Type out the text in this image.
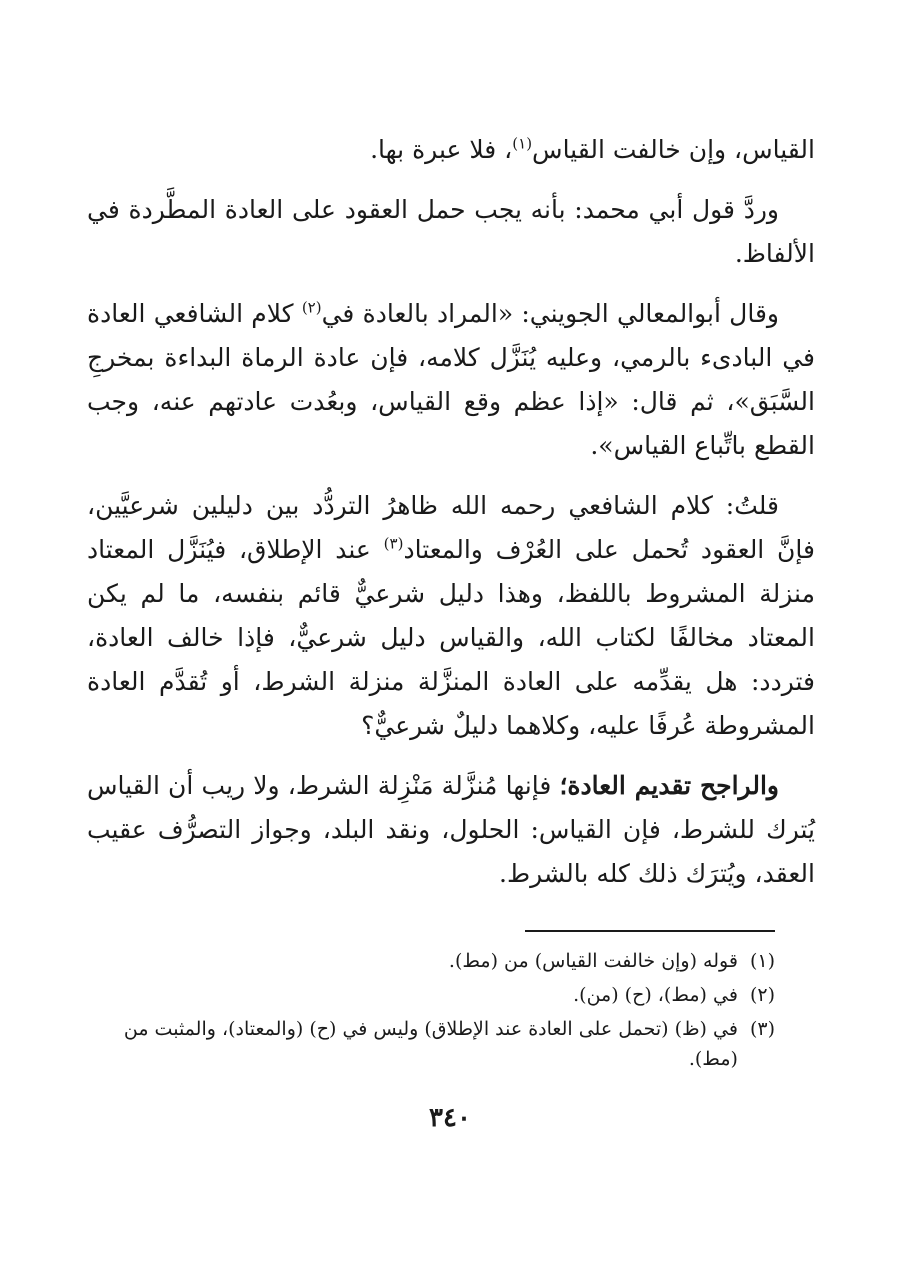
القياس، وإن خالفت القياس$^{(١)}$، فلا عبرة بها.

وردَّ قول أبي محمد: بأنه يجب حمل العقود على العادة المطَّردة في الألفاظ.

وقال أبوالمعالي الجويني: «المراد بالعادة في$^{(٢)}$ كلام الشافعي العادة في البادىء بالرمي، وعليه يُنَزَّل كلامه، فإن عادة الرماة البداءة بمخرجِ السَّبَق»، ثم قال: «إذا عظم وقع القياس، وبعُدت عادتهم عنه، وجب القطع باتِّباع القياس».

قلتُ: كلام الشافعي رحمه الله ظاهرُ التردُّد بين دليلين شرعيَّين، فإنَّ العقود تُحمل على العُرْف والمعتاد$^{(٣)}$ عند الإطلاق، فيُنَزَّل المعتاد منزلة المشروط باللفظ، وهذا دليل شرعيٌّ قائم بنفسه، ما لم يكن المعتاد مخالفًا لكتاب الله، والقياس دليل شرعيٌّ، فإذا خالف العادة، فتردد: هل يقدِّمه على العادة المنزَّلة منزلة الشرط، أو تُقدَّم العادة المشروطة عُرفًا عليه، وكلاهما دليلٌ شرعيٌّ؟

والراجح تقديم العادة؛ فإنها مُنزَّلة مَنْزِلة الشرط، ولا ريب أن القياس يُترك للشرط، فإن القياس: الحلول، ونقد البلد، وجواز التصرُّف عقيب العقد، ويُترَك ذلك كله بالشرط.

(١)
قوله (وإن خالفت القياس) من (مط).
(٢)
في (مط)، (ح) (من).
(٣)
في (ظ) (تحمل على العادة عند الإطلاق) وليس في (ح) (والمعتاد)، والمثبت من (مط).
٣٤٠
